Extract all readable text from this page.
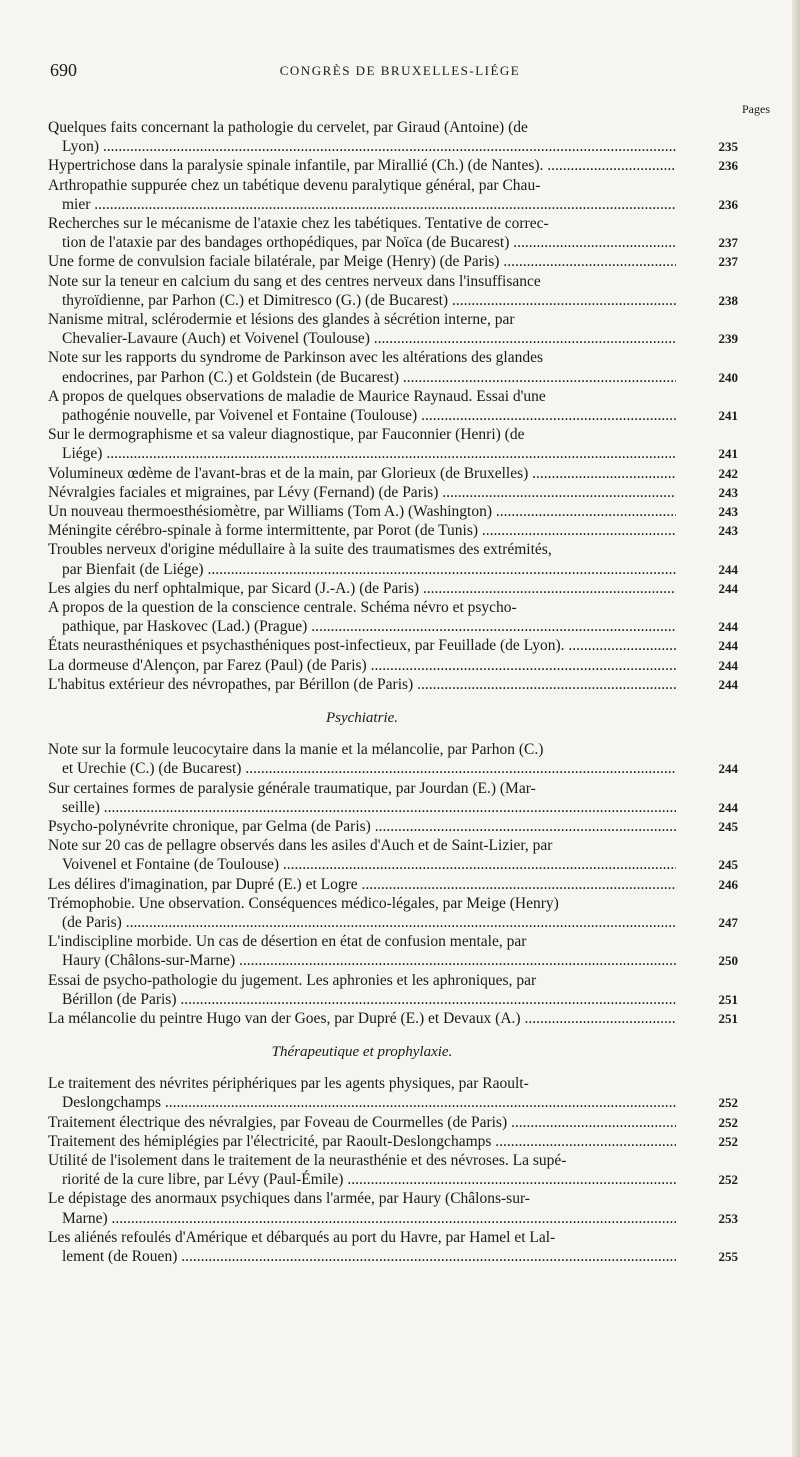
690	CONGRÈS DE BRUXELLES-LIÉGE
Pages
Quelques faits concernant la pathologie du cervelet, par Giraud (Antoine) (de
Lyon) .....	235
Hypertrichose dans la paralysie spinale infantile, par Mirallié (Ch.) (de Nantes). .....	236
Arthropathie suppurée chez un tabétique devenu paralytique général, par Chau-
mier .....	236
Recherches sur le mécanisme de l'ataxie chez les tabétiques. Tentative de correc-
tion de l'ataxie par des bandages orthopédiques, par Noïca (de Bucarest) .....	237
Une forme de convulsion faciale bilatérale, par Meige (Henry) (de Paris) .....	237
Note sur la teneur en calcium du sang et des centres nerveux dans l'insuffisance
thyroïdienne, par Parhon (C.) et Dimitresco (G.) (de Bucarest) .....	238
Nanisme mitral, sclérodermie et lésions des glandes à sécrétion interne, par
Chevalier-Lavaure (Auch) et Voivenel (Toulouse) .....	239
Note sur les rapports du syndrome de Parkinson avec les altérations des glandes
endocrines, par Parhon (C.) et Goldstein (de Bucarest) .....	240
A propos de quelques observations de maladie de Maurice Raynaud. Essai d'une
pathogénie nouvelle, par Voivenel et Fontaine (Toulouse) .....	241
Sur le dermographisme et sa valeur diagnostique, par Fauconnier (Henri) (de
Liége) .....	241
Volumineux œdème de l'avant-bras et de la main, par Glorieux (de Bruxelles) .....	242
Névralgies faciales et migraines, par Lévy (Fernand) (de Paris) .....	243
Un nouveau thermoesthésiomètre, par Williams (Tom A.) (Washington) .....	243
Méningite cérébro-spinale à forme intermittente, par Porot (de Tunis) .....	243
Troubles nerveux d'origine médullaire à la suite des traumatismes des extrémités,
par Bienfait (de Liége) .....	244
Les algies du nerf ophtalmique, par Sicard (J.-A.) (de Paris) .....	244
A propos de la question de la conscience centrale. Schéma névro et psycho-
pathique, par Haskovec (Lad.) (Prague) .....	244
États neurasthéniques et psychasthéniques post-infectieux, par Feuillade (de Lyon). .....	244
La dormeuse d'Alençon, par Farez (Paul) (de Paris) .....	244
L'habitus extérieur des névropathes, par Bérillon (de Paris) .....	244
Psychiatrie.
Note sur la formule leucocytaire dans la manie et la mélancolie, par Parhon (C.)
et Urechie (C.) (de Bucarest) .....	244
Sur certaines formes de paralysie générale traumatique, par Jourdan (E.) (Mar-
seille) .....	244
Psycho-polynévrite chronique, par Gelma (de Paris) .....	245
Note sur 20 cas de pellagre observés dans les asiles d'Auch et de Saint-Lizier, par
Voivenel et Fontaine (de Toulouse) .....	245
Les délires d'imagination, par Dupré (E.) et Logre .....	246
Trémophobie. Une observation. Conséquences médico-légales, par Meige (Henry)
(de Paris) .....	247
L'indiscipline morbide. Un cas de désertion en état de confusion mentale, par
Haury (Châlons-sur-Marne) .....	250
Essai de psycho-pathologie du jugement. Les aphronies et les aphroniques, par
Bérillon (de Paris) .....	251
La mélancolie du peintre Hugo van der Goes, par Dupré (E.) et Devaux (A.) .....	251
Thérapeutique et prophylaxie.
Le traitement des névrites périphériques par les agents physiques, par Raoult-
Deslongchamps .....	252
Traitement électrique des névralgies, par Foveau de Courmelles (de Paris) .....	252
Traitement des hémiplégies par l'électricité, par Raoult-Deslongchamps .....	252
Utilité de l'isolement dans le traitement de la neurasthénie et des névroses. La supé-
riorité de la cure libre, par Lévy (Paul-Émile) .....	252
Le dépistage des anormaux psychiques dans l'armée, par Haury (Châlons-sur-
Marne) .....	253
Les aliénés refoulés d'Amérique et débarqués au port du Havre, par Hamel et Lal-
lement (de Rouen) .....	255
